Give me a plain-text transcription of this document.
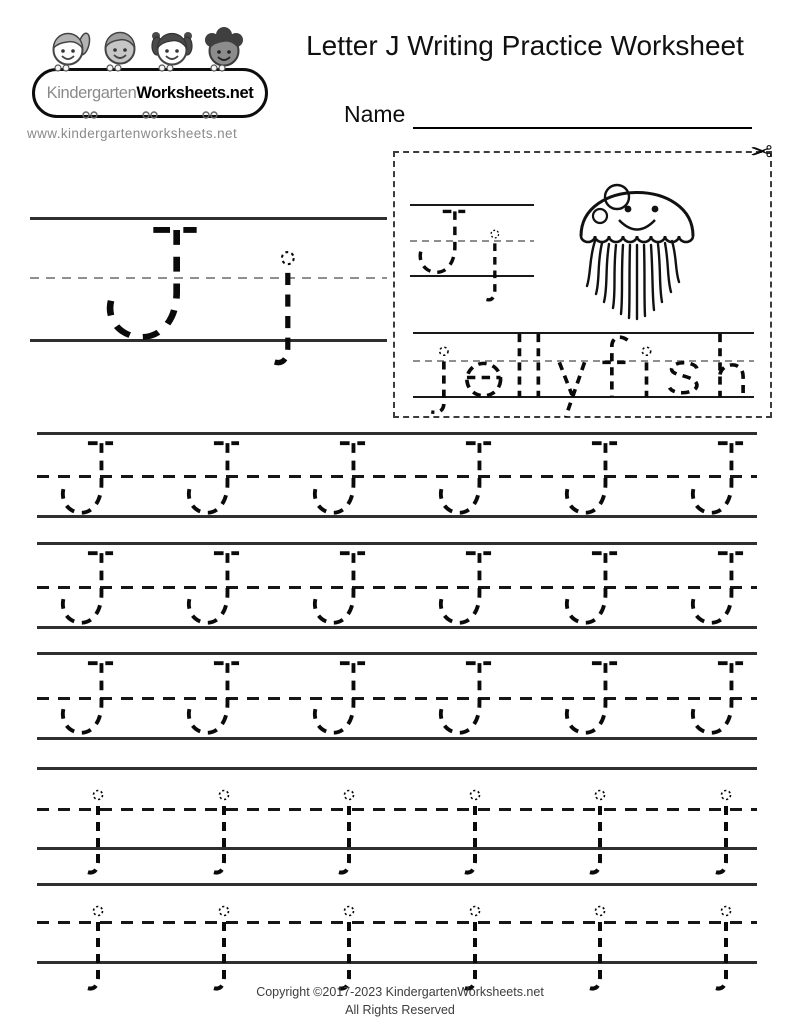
Kindergarten Worksheets.net
www.kindergartenworksheets.net
Letter J Writing Practice Worksheet
Name
✂
Copyright ©2017-2023 KindergartenWorksheets.net
All Rights Reserved
